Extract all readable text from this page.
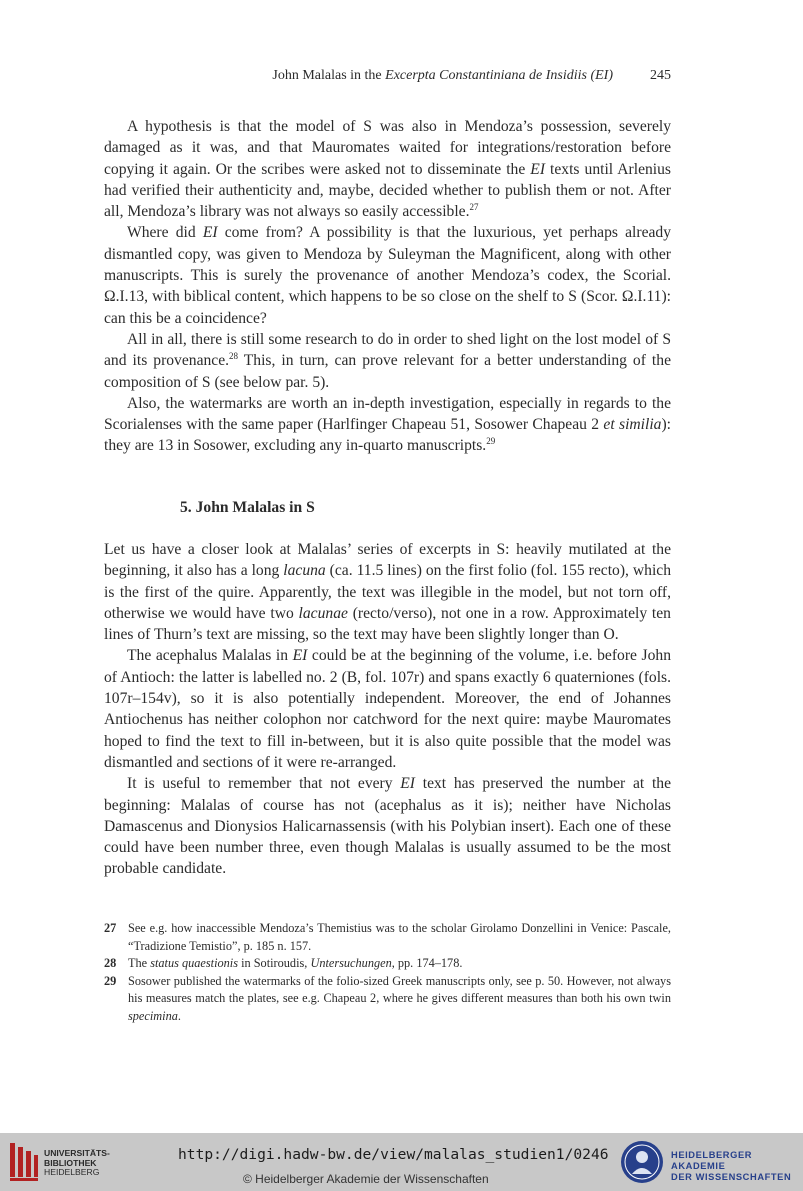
John Malalas in the Excerpta Constantiniana de Insidiis (EI)	245

A hypothesis is that the model of S was also in Mendoza’s possession, severely damaged as it was, and that Mauromates waited for integrations/restoration before copying it again. Or the scribes were asked not to disseminate the EI texts until Arlenius had verified their authenticity and, maybe, decided whether to publish them or not. After all, Mendoza’s library was not always so easily accessible.$^{27}$

Where did EI come from? A possibility is that the luxurious, yet perhaps already dismantled copy, was given to Mendoza by Suleyman the Magnificent, along with other manuscripts. This is surely the provenance of another Mendoza’s codex, the Scorial. Ω.I.13, with biblical content, which happens to be so close on the shelf to S (Scor. Ω.I.11): can this be a coincidence?

All in all, there is still some research to do in order to shed light on the lost model of S and its provenance.$^{28}$ This, in turn, can prove relevant for a better understanding of the composition of S (see below par. 5).

Also, the watermarks are worth an in-depth investigation, especially in regards to the Scorialenses with the same paper (Harlfinger Chapeau 51, Sosower Chapeau 2 et similia): they are 13 in Sosower, excluding any in-quarto manuscripts.$^{29}$

5. John Malalas in S

Let us have a closer look at Malalas’ series of excerpts in S: heavily mutilated at the beginning, it also has a long lacuna (ca. 11.5 lines) on the first folio (fol. 155 recto), which is the first of the quire. Apparently, the text was illegible in the model, but not torn off, otherwise we would have two lacunae (recto/verso), not one in a row. Approximately ten lines of Thurn’s text are missing, so the text may have been slightly longer than O.

The acephalus Malalas in EI could be at the beginning of the volume, i.e. before John of Antioch: the latter is labelled no. 2 (B, fol. 107r) and spans exactly 6 quaterniones (fols. 107r–154v), so it is also potentially independent. Moreover, the end of Johannes Antiochenus has neither colophon nor catchword for the next quire: maybe Mauromates hoped to find the text to fill in-between, but it is also quite possible that the model was dismantled and sections of it were re-arranged.

It is useful to remember that not every EI text has preserved the number at the beginning: Malalas of course has not (acephalus as it is); neither have Nicholas Damascenus and Dionysios Halicarnassensis (with his Polybian insert). Each one of these could have been number three, even though Malalas is usually assumed to be the most probable candidate.

27 See e.g. how inaccessible Mendoza’s Themistius was to the scholar Girolamo Donzellini in Venice: Pascale, “Tradizione Temistio”, p. 185 n. 157.
28 The status quaestionis in Sotiroudis, Untersuchungen, pp. 174–178.
29 Sosower published the watermarks of the folio-sized Greek manuscripts only, see p. 50. However, not always his measures match the plates, see e.g. Chapeau 2, where he gives different measures than both his own twin specimina.
UNIVERSITÄTS-
BIBLIOTHEK
HEIDELBERG
http://digi.hadw-bw.de/view/malalas_studien1/0246
© Heidelberger Akademie der Wissenschaften
HEIDELBERGER AKADEMIE
DER WISSENSCHAFTEN
